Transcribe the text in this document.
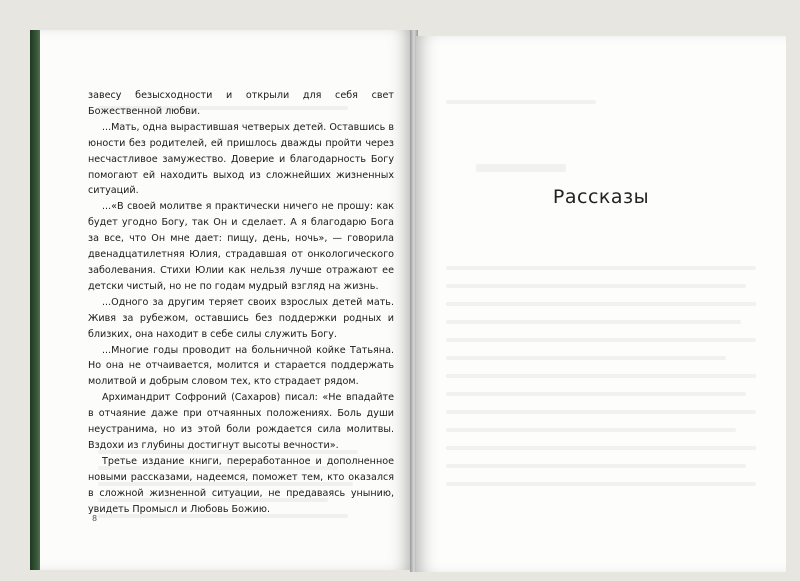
завесу безысходности и открыли для себя свет Божественной любви.

...Мать, одна вырастившая четверых детей. Оставшись в юности без родителей, ей пришлось дважды пройти через несчастливое замужество. Доверие и благодарность Богу помогают ей находить выход из сложнейших жизненных ситуаций.

...«В своей молитве я практически ничего не прошу: как будет угодно Богу, так Он и сделает. А я благодарю Бога за все, что Он мне дает: пищу, день, ночь», — говорила двенадцатилетняя Юлия, страдавшая от онкологического заболевания. Стихи Юлии как нельзя лучше отражают ее детски чистый, но не по годам мудрый взгляд на жизнь.

...Одного за другим теряет своих взрослых детей мать. Живя за рубежом, оставшись без поддержки родных и близких, она находит в себе силы служить Богу.

...Многие годы проводит на больничной койке Татьяна. Но она не отчаивается, молится и старается поддержать молитвой и добрым словом тех, кто страдает рядом.

Архимандрит Софроний (Сахаров) писал: «Не впадайте в отчаяние даже при отчаянных положениях. Боль души неустранима, но из этой боли рождается сила молитвы. Вздохи из глубины достигнут высоты вечности».

Третье издание книги, переработанное и дополненное новыми рассказами, надеемся, поможет тем, кто оказался в сложной жизненной ситуации, не предаваясь унынию, увидеть Промысл и Любовь Божию.

8
Рассказы
